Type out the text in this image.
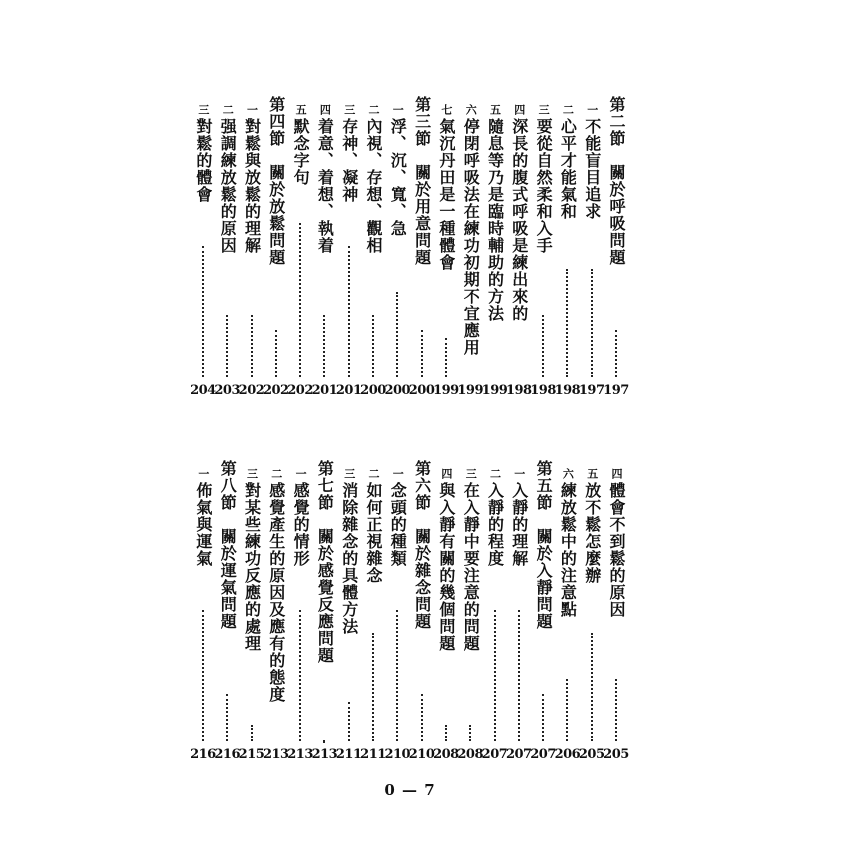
第二節　關於呼吸問題
197
一不能盲目追求
197
二心平才能氣和
198
三要從自然柔和入手
198
四深長的腹式呼吸是練出來的
198
五隨息等乃是臨時輔助的方法
199
六停閉呼吸法在練功初期不宜應用
199
七氣沉丹田是一種體會
199
第三節　關於用意問題
200
一浮、沉、寬、急
200
二內視、存想、觀相
200
三存神、凝神
201
四着意、着想、執着
201
五默念字句
202
第四節　關於放鬆問題
202
一對鬆與放鬆的理解
202
二强調練放鬆的原因
203
三對鬆的體會
204
四體會不到鬆的原因
205
五放不鬆怎麼辦
205
六練放鬆中的注意點
206
第五節　關於入靜問題
207
一入靜的理解
207
二入靜的程度
207
三在入靜中要注意的問題
208
四與入靜有關的幾個問題
208
第六節　關於雜念問題
210
一念頭的種類
210
二如何正視雜念
211
三消除雜念的具體方法
211
第七節　關於感覺反應問題
213
一感覺的情形
213
二感覺產生的原因及應有的態度
213
三對某些練功反應的處理
215
第八節　關於運氣問題
216
一佈氣與運氣
216
0 — 7
